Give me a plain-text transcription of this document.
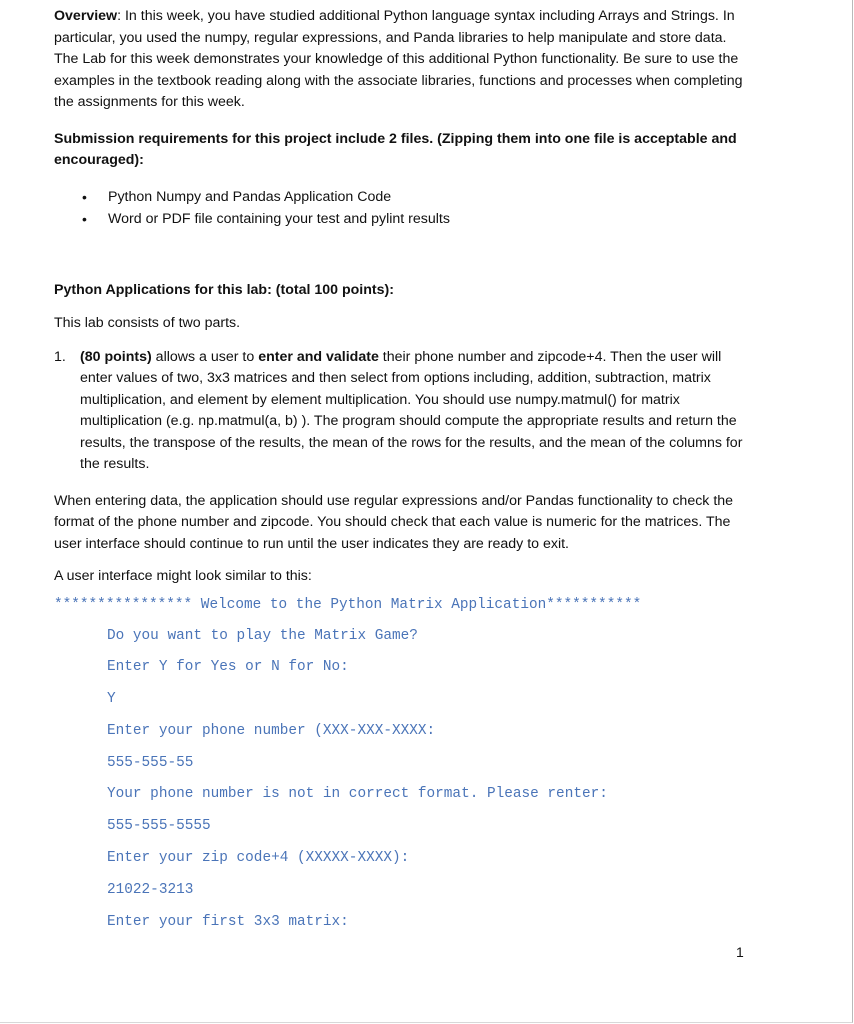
Overview: In this week, you have studied additional Python language syntax including Arrays and Strings. In particular, you used the numpy, regular expressions, and Panda libraries to help manipulate and store data. The Lab for this week demonstrates your knowledge of this additional Python functionality. Be sure to use the examples in the textbook reading along with the associate libraries, functions and processes when completing the assignments for this week.

Submission requirements for this project include 2 files. (Zipping them into one file is acceptable and encouraged):

• Python Numpy and Pandas Application Code
• Word or PDF file containing your test and pylint results

Python Applications for this lab: (total 100 points):

This lab consists of two parts.

1. (80 points) allows a user to enter and validate their phone number and zipcode+4. Then the user will enter values of two, 3x3 matrices and then select from options including, addition, subtraction, matrix multiplication, and element by element multiplication. You should use numpy.matmul() for matrix multiplication (e.g. np.matmul(a, b) ). The program should compute the appropriate results and return the results, the transpose of the results, the mean of the rows for the results, and the mean of the columns for the results.

When entering data, the application should use regular expressions and/or Pandas functionality to check the format of the phone number and zipcode. You should check that each value is numeric for the matrices. The user interface should continue to run until the user indicates they are ready to exit.

A user interface might look similar to this:

**************** Welcome to the Python Matrix Application***********
Do you want to play the Matrix Game?
Enter Y for Yes or N for No:
Y
Enter your phone number (XXX-XXX-XXXX:
555-555-55
Your phone number is not in correct format. Please renter:
555-555-5555
Enter your zip code+4 (XXXXX-XXXX):
21022-3213
Enter your first 3x3 matrix:
1
